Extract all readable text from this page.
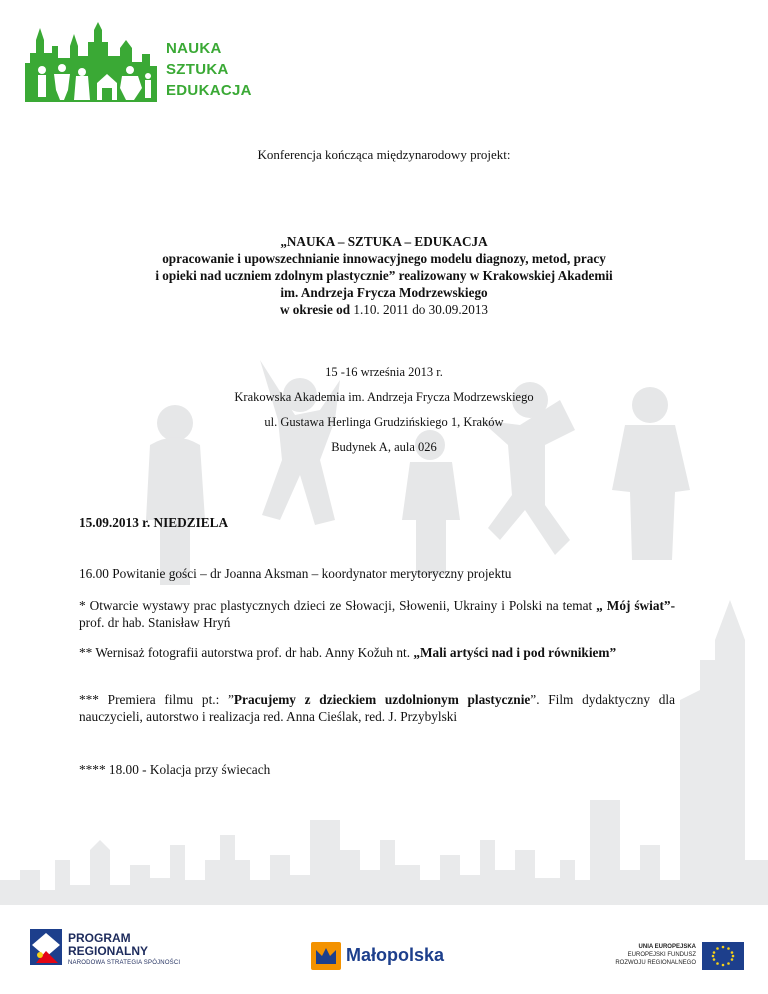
NAUKA
SZTUKA
EDUKACJA
Konferencja kończąca międzynarodowy projekt:
„NAUKA – SZTUKA – EDUKACJA
opracowanie i upowszechnianie innowacyjnego modelu diagnozy, metod, pracy
i opieki nad uczniem zdolnym plastycznie” realizowany w Krakowskiej Akademii
im. Andrzeja Frycza Modrzewskiego
w okresie od 1.10. 2011 do 30.09.2013
15 -16 września 2013 r.
Krakowska Akademia im. Andrzeja Frycza Modrzewskiego
ul. Gustawa Herlinga Grudzińskiego 1, Kraków
Budynek A, aula 026
15.09.2013 r. NIEDZIELA
16.00 Powitanie gości – dr Joanna Aksman – koordynator merytoryczny projektu
* Otwarcie wystawy prac plastycznych dzieci ze Słowacji, Słowenii, Ukrainy i Polski na temat „ Mój świat”- prof. dr hab. Stanisław Hryń
** Wernisaż fotografii autorstwa prof. dr hab. Anny Kožuh nt. „Mali artyści nad i pod równikiem”
*** Premiera filmu pt.: ”Pracujemy z dzieckiem uzdolnionym plastycznie”. Film dydaktyczny dla nauczycieli, autorstwo i realizacja red. Anna Cieślak, red. J. Przybylski
**** 18.00 - Kolacja przy świecach
PROGRAM
REGIONALNY
NARODOWA STRATEGIA SPÓJNOŚCI	Małopolska	UNIA EUROPEJSKA
EUROPEJSKI FUNDUSZ
ROZWOJU REGIONALNEGO
